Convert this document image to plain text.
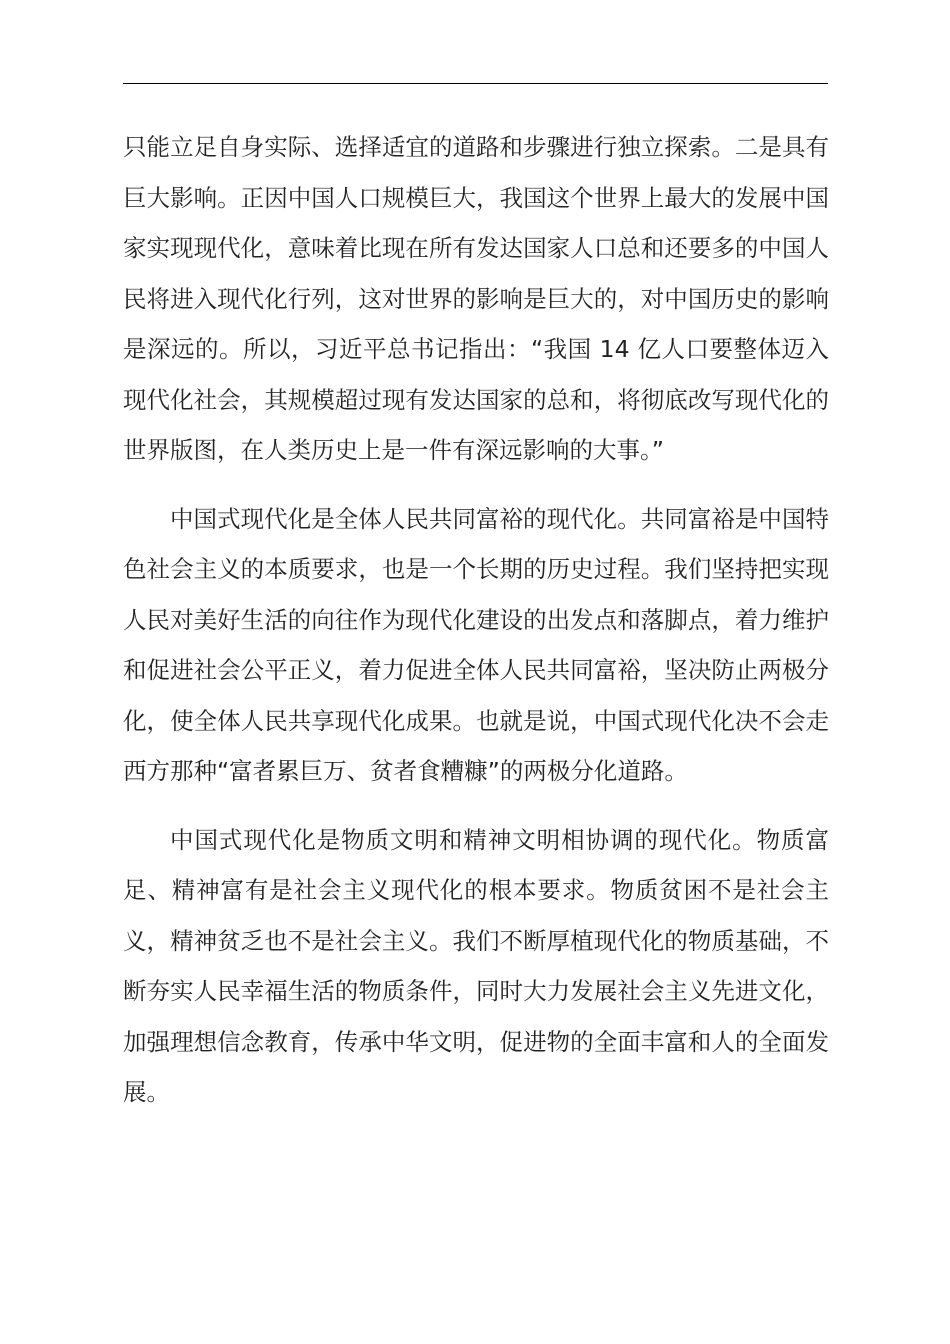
只能立足自身实际、选择适宜的道路和步骤进行独立探索。二是具有巨大影响。正因中国人口规模巨大，我国这个世界上最大的发展中国家实现现代化，意味着比现在所有发达国家人口总和还要多的中国人民将进入现代化行列，这对世界的影响是巨大的，对中国历史的影响是深远的。所以，习近平总书记指出：“我国 14 亿人口要整体迈入现代化社会，其规模超过现有发达国家的总和，将彻底改写现代化的世界版图，在人类历史上是一件有深远影响的大事。”

中国式现代化是全体人民共同富裕的现代化。共同富裕是中国特色社会主义的本质要求，也是一个长期的历史过程。我们坚持把实现人民对美好生活的向往作为现代化建设的出发点和落脚点，着力维护和促进社会公平正义，着力促进全体人民共同富裕，坚决防止两极分化，使全体人民共享现代化成果。也就是说，中国式现代化决不会走西方那种“富者累巨万、贫者食糟糠”的两极分化道路。

中国式现代化是物质文明和精神文明相协调的现代化。物质富足、精神富有是社会主义现代化的根本要求。物质贫困不是社会主义，精神贫乏也不是社会主义。我们不断厚植现代化的物质基础，不断夯实人民幸福生活的物质条件，同时大力发展社会主义先进文化，加强理想信念教育，传承中华文明，促进物的全面丰富和人的全面发展。
